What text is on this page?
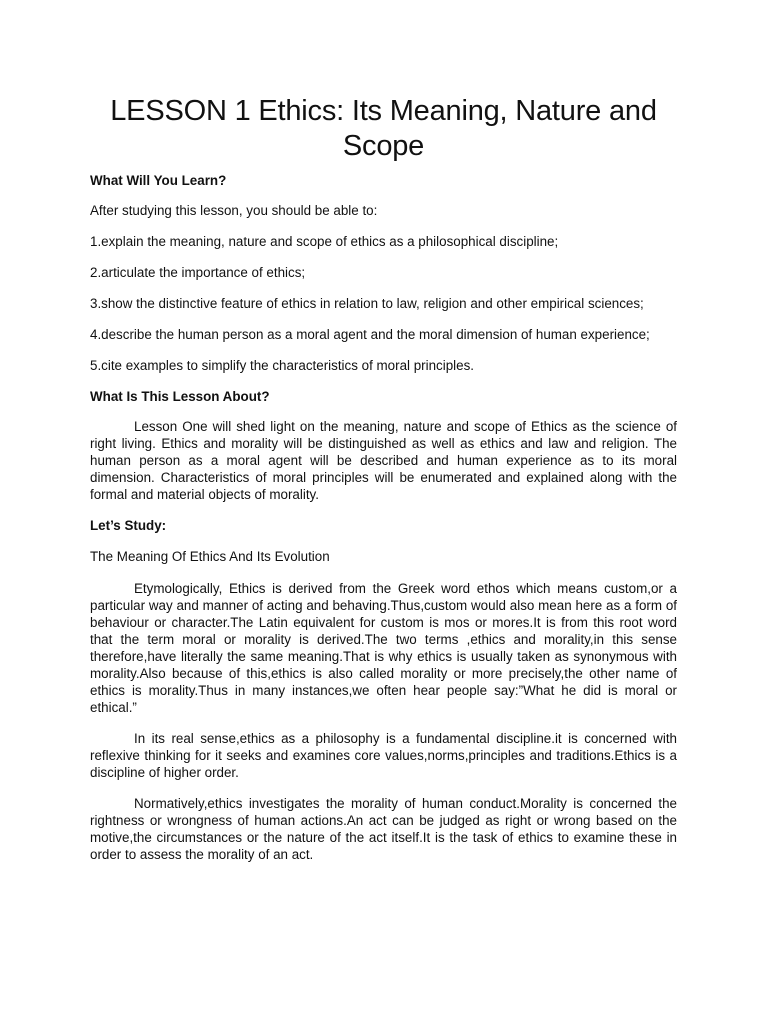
LESSON 1 Ethics: Its Meaning, Nature and Scope

What Will You Learn?

After studying this lesson, you should be able to:

1.explain the meaning, nature and scope of ethics as a philosophical discipline;

2.articulate the importance of ethics;

3.show the distinctive feature of ethics in relation to law, religion and other empirical sciences;

4.describe the human person as a moral agent and the moral dimension of human experience;

5.cite examples to simplify the characteristics of moral principles.

What Is This Lesson About?

Lesson One will shed light on the meaning, nature and scope of Ethics as the science of right living. Ethics and morality will be distinguished as well as ethics and law and religion. The human person as a moral agent will be described and human experience as to its moral dimension. Characteristics of moral principles will be enumerated and explained along with the formal and material objects of morality.

Let’s Study:

The Meaning Of Ethics And Its Evolution

Etymologically, Ethics is derived from the Greek word ethos which means custom,or a particular way and manner of acting and behaving.Thus,custom would also mean here as a form of behaviour or character.The Latin equivalent for custom is mos or mores.It is from this root word that the term moral or morality is derived.The two terms ,ethics and morality,in this sense therefore,have literally the same meaning.That is why ethics is usually taken as synonymous with morality.Also because of this,ethics is also called morality or more precisely,the other name of ethics is morality.Thus in many instances,we often hear people say:”What he did is moral or ethical.”

In its real sense,ethics as a philosophy is a fundamental discipline.it is concerned with reflexive thinking for it seeks and examines core values,norms,principles and traditions.Ethics is a discipline of higher order.

Normatively,ethics investigates the morality of human conduct.Morality is concerned the rightness or wrongness of human actions.An act can be judged as right or wrong based on the motive,the circumstances or the nature of the act itself.It is the task of ethics to examine these in order to assess the morality of an act.
